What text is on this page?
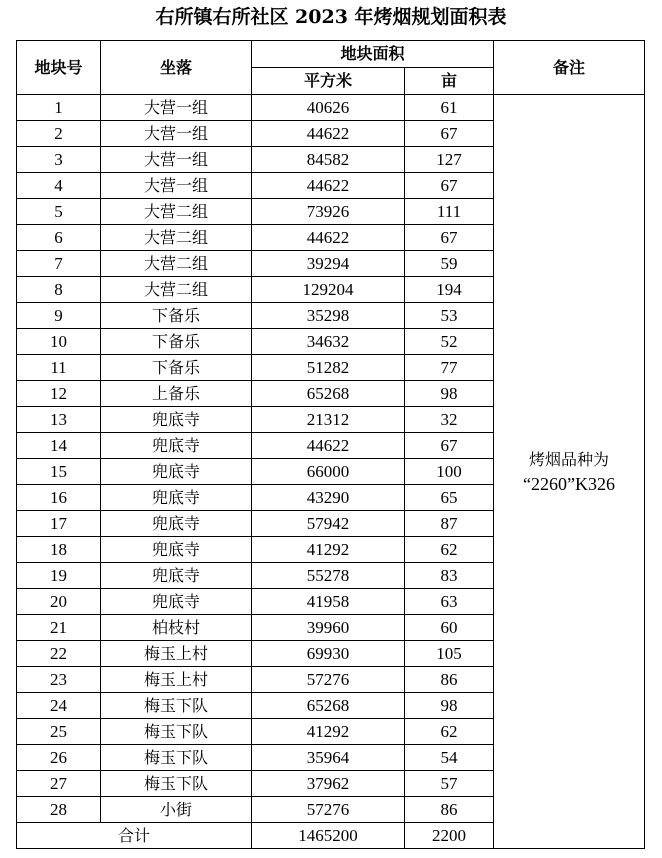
右所镇右所社区 2023 年烤烟规划面积表
地块号	坐落	地块面积		备注
		平方米	亩	
1	大营一组	40626	61	烤烟品种为
“2260”K326

2	大营一组	44622	67	
3	大营一组	84582	127	
4	大营一组	44622	67	
5	大营二组	73926	111	
6	大营二组	44622	67	
7	大营二组	39294	59	
8	大营二组	129204	194	
9	下备乐	35298	53	
10	下备乐	34632	52	
11	下备乐	51282	77	
12	上备乐	65268	98	
13	兜底寺	21312	32	
14	兜底寺	44622	67	
15	兜底寺	66000	100	
16	兜底寺	43290	65	
17	兜底寺	57942	87	
18	兜底寺	41292	62	
19	兜底寺	55278	83	
20	兜底寺	41958	63	
21	柏枝村	39960	60	
22	梅玉上村	69930	105	
23	梅玉上村	57276	86	
24	梅玉下队	65268	98	
25	梅玉下队	41292	62	
26	梅玉下队	35964	54	
27	梅玉下队	37962	57	
28	小街	57276	86	
合计		1465200	2200	
